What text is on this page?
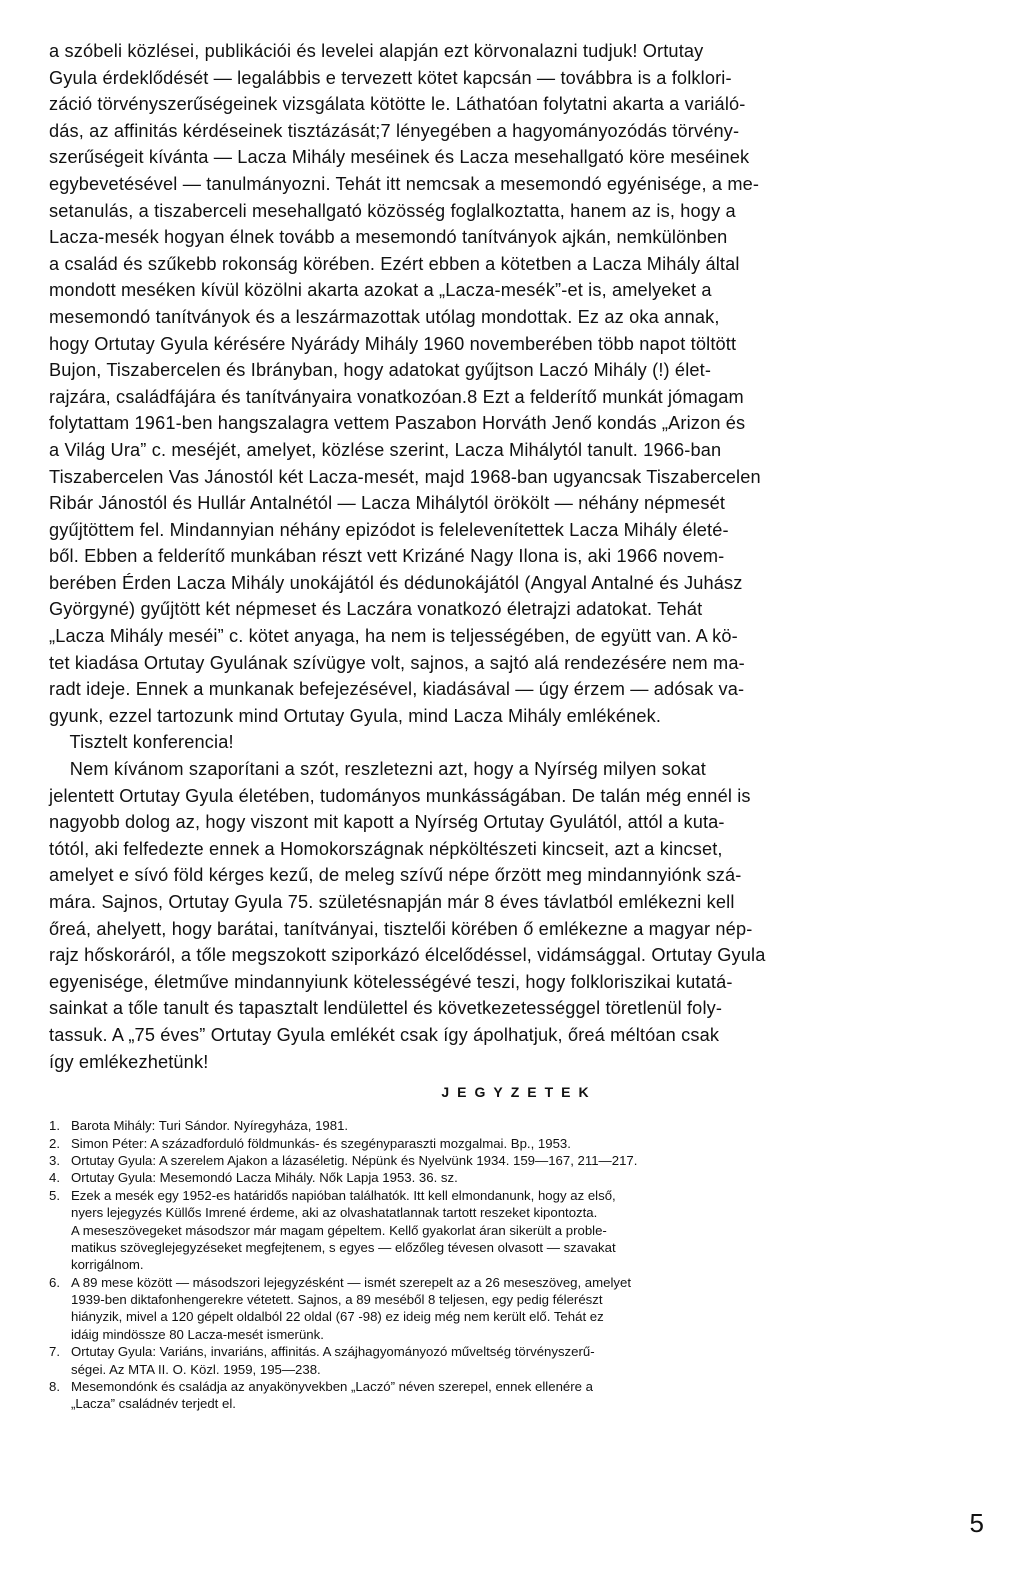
a szóbeli közlései, publikációi és levelei alapján ezt körvonalazni tudjuk! Ortutay
Gyula érdeklődését — legalábbis e tervezett kötet kapcsán — továbbra is a folklori-
záció törvényszerűségeinek vizsgálata kötötte le. Láthatóan folytatni akarta a variáló-
dás, az affinitás kérdéseinek tisztázását;7 lényegében a hagyományozódás törvény-
szerűségeit kívánta — Lacza Mihály meséinek és Lacza mesehallgató köre meséinek
egybevetésével — tanulmányozni. Tehát itt nemcsak a mesemondó egyénisége, a me-
setanulás, a tiszaberceli mesehallgató közösség foglalkoztatta, hanem az is, hogy a
Lacza-mesék hogyan élnek tovább a mesemondó tanítványok ajkán, nemkülönben
a család és szűkebb rokonság körében. Ezért ebben a kötetben a Lacza Mihály által
mondott meséken kívül közölni akarta azokat a „Lacza-mesék”-et is, amelyeket a
mesemondó tanítványok és a leszármazottak utólag mondottak. Ez az oka annak,
hogy Ortutay Gyula kérésére Nyárády Mihály 1960 novemberében több napot töltött
Bujon, Tiszabercelen és Ibrányban, hogy adatokat gyűjtson Laczó Mihály (!) élet-
rajzára, családfájára és tanítványaira vonatkozóan.8 Ezt a felderítő munkát jómagam
folytattam 1961-ben hangszalagra vettem Paszabon Horváth Jenő kondás „Arizon és
a Világ Ura” c. meséjét, amelyet, közlése szerint, Lacza Mihálytól tanult. 1966-ban
Tiszabercelen Vas Jánostól két Lacza-mesét, majd 1968-ban ugyancsak Tiszabercelen
Ribár Jánostól és Hullár Antalnétól — Lacza Mihálytól örökölt — néhány népmesét
gyűjtöttem fel. Mindannyian néhány epizódot is felelevenítettek Lacza Mihály életé-
ből. Ebben a felderítő munkában részt vett Krizáné Nagy Ilona is, aki 1966 novem-
berében Érden Lacza Mihály unokájától és dédunokájától (Angyal Antalné és Juhász
Györgyné) gyűjtött két népmeset és Laczára vonatkozó életrajzi adatokat. Tehát
„Lacza Mihály meséi” c. kötet anyaga, ha nem is teljességében, de együtt van. A kö-
tet kiadása Ortutay Gyulának szívügye volt, sajnos, a sajtó alá rendezésére nem ma-
radt ideje. Ennek a munkanak befejezésével, kiadásával — úgy érzem — adósak va-
gyunk, ezzel tartozunk mind Ortutay Gyula, mind Lacza Mihály emlékének.
Tisztelt konferencia!
Nem kívánom szaporítani a szót, reszletezni azt, hogy a Nyírség milyen sokat
jelentett Ortutay Gyula életében, tudományos munkásságában. De talán még ennél is
nagyobb dolog az, hogy viszont mit kapott a Nyírség Ortutay Gyulától, attól a kuta-
tótól, aki felfedezte ennek a Homokországnak népköltészeti kincseit, azt a kincset,
amelyet e sívó föld kérges kezű, de meleg szívű népe őrzött meg mindannyiónk szá-
mára. Sajnos, Ortutay Gyula 75. születésnapján már 8 éves távlatból emlékezni kell
őreá, ahelyett, hogy barátai, tanítványai, tisztelői körében ő emlékezne a magyar nép-
rajz hőskoráról, a tőle megszokott sziporkázó élcelődéssel, vidámsággal. Ortutay Gyula
egyenisége, életműve mindannyiunk kötelességévé teszi, hogy folkloriszikai kutatá-
sainkat a tőle tanult és tapasztalt lendülettel és következetességgel töretlenül foly-
tassuk. A „75 éves” Ortutay Gyula emlékét csak így ápolhatjuk, őreá méltóan csak
így emlékezhetünk!
JEGYZETEK
1. Barota Mihály: Turi Sándor. Nyíregyháza, 1981.
2. Simon Péter: A századforduló földmunkás- és szegényparaszti mozgalmai. Bp., 1953.
3. Ortutay Gyula: A szerelem Ajakon a lázaséletig. Népünk és Nyelvünk 1934. 159—167, 211—217.
4. Ortutay Gyula: Mesemondó Lacza Mihály. Nők Lapja 1953. 36. sz.
5. Ezek a mesék egy 1952-es határidős napióban találhatók. Itt kell elmondanunk, hogy az első,
nyers lejegyzés Küllős Imrené érdeme, aki az olvashatatlannak tartott reszeket kipontozta.
A meseszövegeket másodszor már magam gépeltem. Kellő gyakorlat áran sikerült a proble-
matikus szöveglejegyzéseket megfejtenem, s egyes — előzőleg tévesen olvasott — szavakat
korrigálnom.
6. A 89 mese között — másodszori lejegyzésként — ismét szerepelt az a 26 meseszöveg, amelyet
1939-ben diktafonhengerekre vétetett. Sajnos, a 89 meséből 8 teljesen, egy pedig félerészt
hiányzik, mivel a 120 gépelt oldalból 22 oldal (67 -98) ez ideig még nem került elő. Tehát ez
idáig mindössze 80 Lacza-mesét ismerünk.
7. Ortutay Gyula: Variáns, invariáns, affinitás. A szájhagyományozó műveltség törvényszerű-
ségei. Az MTA II. O. Közl. 1959, 195—238.
8. Mesemondónk és családja az anyakönyvekben „Laczó” néven szerepel, ennek ellenére a
„Lacza” családnév terjedt el.
5
